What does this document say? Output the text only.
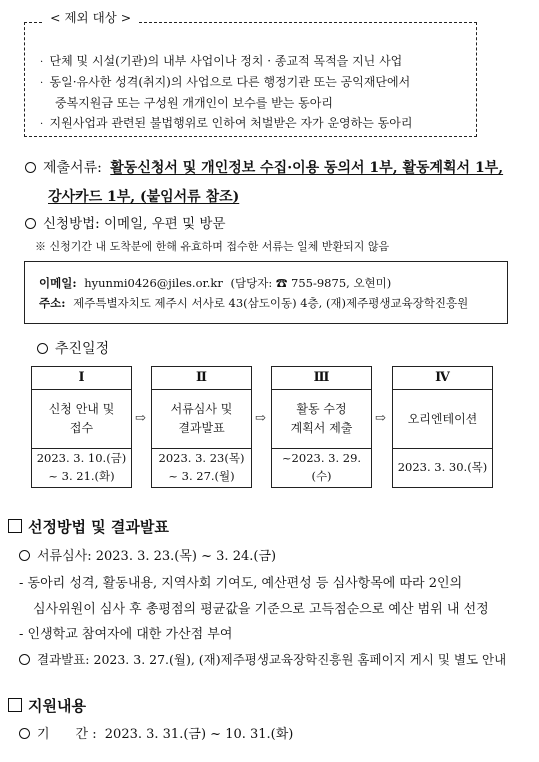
< 제외 대상 >
·  단체 및 시설(기관)의 내부 사업이나 정치 · 종교적 목적을 지닌 사업
·  동일·유사한 성격(취지)의 사업으로 다른 행정기관 또는 공익재단에서
중복지원금 또는 구성원 개개인이 보수를 받는 동아리
·  지원사업과 관련된 불법행위로 인하여 처벌받은 자가 운영하는 동아리
제출서류: 활동신청서 및 개인정보 수집·이용 동의서 1부, 활동계획서 1부,
강사카드 1부, (붙임서류 참조)
신청방법: 이메일, 우편 및 방문
※ 신청기간 내 도착분에 한해 유효하며 접수한 서류는 일체 반환되지 않음
이메일: hyunmi0426@jiles.or.kr (담당자: ☎ 755-9875, 오현미)
주소: 제주특별자치도 제주시 서사로 43(삼도이동) 4층, (재)제주평생교육장학진흥원
추진일정
Ⅰ
신청 안내 및
접수
2023. 3. 10.(금)
~ 3. 21.(화)
⇨
Ⅱ
서류심사 및
결과발표
2023. 3. 23(목)
~ 3. 27.(월)
⇨
Ⅲ
활동 수정
계획서 제출
~2023. 3. 29.(수)
⇨
Ⅳ
오리엔테이션
2023. 3. 30.(목)
선정방법 및 결과발표
서류심사: 2023. 3. 23.(목) ~ 3. 24.(금)
- 동아리 성격, 활동내용, 지역사회 기여도, 예산편성 등 심사항목에 따라 2인의
심사위원이 심사 후 총평점의 평균값을 기준으로 고득점순으로 예산 범위 내 선정
- 인생학교 참여자에 대한 가산점 부여
결과발표: 2023. 3. 27.(월), (재)제주평생교육장학진흥원 홈페이지 게시 및 별도 안내
지원내용
기　　간 : 2023. 3. 31.(금) ~ 10. 31.(화)
